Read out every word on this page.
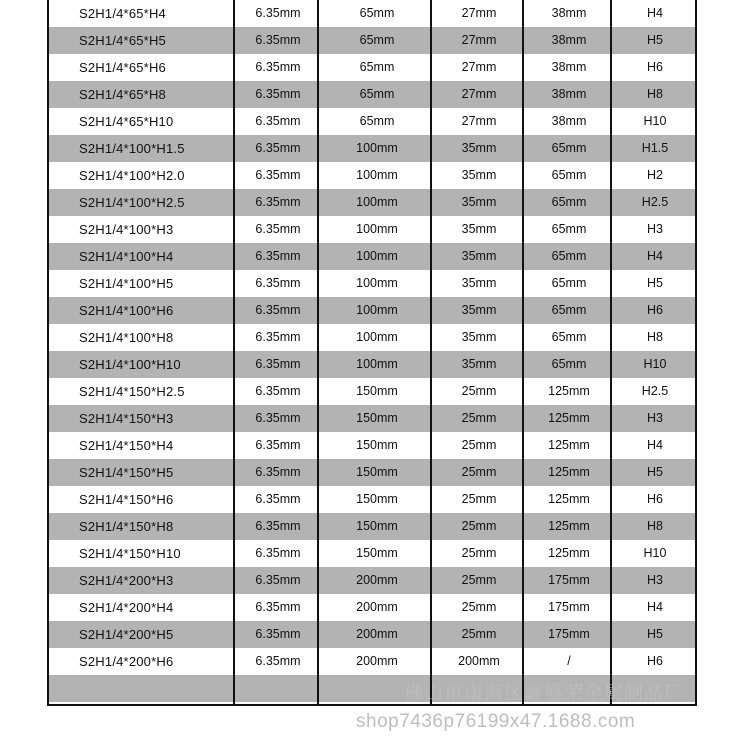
S2H1/4*65*H4	6.35mm	65mm	27mm	38mm	H4
S2H1/4*65*H5	6.35mm	65mm	27mm	38mm	H5
S2H1/4*65*H6	6.35mm	65mm	27mm	38mm	H6
S2H1/4*65*H8	6.35mm	65mm	27mm	38mm	H8
S2H1/4*65*H10	6.35mm	65mm	27mm	38mm	H10
S2H1/4*100*H1.5	6.35mm	100mm	35mm	65mm	H1.5
S2H1/4*100*H2.0	6.35mm	100mm	35mm	65mm	H2
S2H1/4*100*H2.5	6.35mm	100mm	35mm	65mm	H2.5
S2H1/4*100*H3	6.35mm	100mm	35mm	65mm	H3
S2H1/4*100*H4	6.35mm	100mm	35mm	65mm	H4
S2H1/4*100*H5	6.35mm	100mm	35mm	65mm	H5
S2H1/4*100*H6	6.35mm	100mm	35mm	65mm	H6
S2H1/4*100*H8	6.35mm	100mm	35mm	65mm	H8
S2H1/4*100*H10	6.35mm	100mm	35mm	65mm	H10
S2H1/4*150*H2.5	6.35mm	150mm	25mm	125mm	H2.5
S2H1/4*150*H3	6.35mm	150mm	25mm	125mm	H3
S2H1/4*150*H4	6.35mm	150mm	25mm	125mm	H4
S2H1/4*150*H5	6.35mm	150mm	25mm	125mm	H5
S2H1/4*150*H6	6.35mm	150mm	25mm	125mm	H6
S2H1/4*150*H8	6.35mm	150mm	25mm	125mm	H8
S2H1/4*150*H10	6.35mm	150mm	25mm	125mm	H10
S2H1/4*200*H3	6.35mm	200mm	25mm	175mm	H3
S2H1/4*200*H4	6.35mm	200mm	25mm	175mm	H4
S2H1/4*200*H5	6.35mm	200mm	25mm	175mm	H5
S2H1/4*200*H6	6.35mm	200mm	200mm	/	H6
佛山市南海区鑫盛荣金属制品厂
shop7436p76199x47.1688.com
